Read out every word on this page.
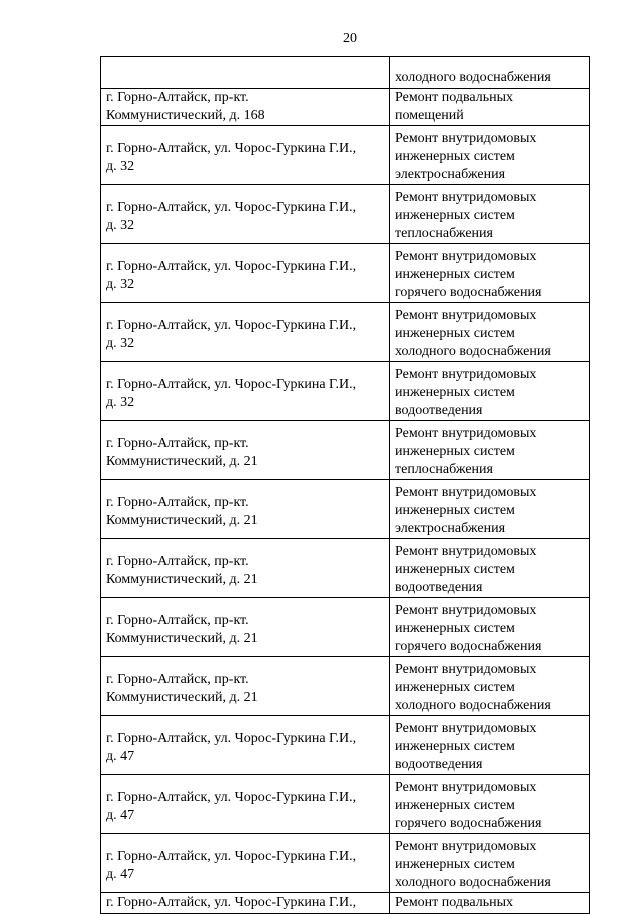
20
	холодного водоснабжения
г. Горно-Алтайск, пр-кт.
Коммунистический, д. 168	Ремонт подвальных
помещений
г. Горно-Алтайск, ул. Чорос-Гуркина Г.И.,
д. 32	Ремонт внутридомовых
инженерных систем
электроснабжения
г. Горно-Алтайск, ул. Чорос-Гуркина Г.И.,
д. 32	Ремонт внутридомовых
инженерных систем
теплоснабжения
г. Горно-Алтайск, ул. Чорос-Гуркина Г.И.,
д. 32	Ремонт внутридомовых
инженерных систем
горячего водоснабжения
г. Горно-Алтайск, ул. Чорос-Гуркина Г.И.,
д. 32	Ремонт внутридомовых
инженерных систем
холодного водоснабжения
г. Горно-Алтайск, ул. Чорос-Гуркина Г.И.,
д. 32	Ремонт внутридомовых
инженерных систем
водоотведения
г. Горно-Алтайск, пр-кт.
Коммунистический, д. 21	Ремонт внутридомовых
инженерных систем
теплоснабжения
г. Горно-Алтайск, пр-кт.
Коммунистический, д. 21	Ремонт внутридомовых
инженерных систем
электроснабжения
г. Горно-Алтайск, пр-кт.
Коммунистический, д. 21	Ремонт внутридомовых
инженерных систем
водоотведения
г. Горно-Алтайск, пр-кт.
Коммунистический, д. 21	Ремонт внутридомовых
инженерных систем
горячего водоснабжения
г. Горно-Алтайск, пр-кт.
Коммунистический, д. 21	Ремонт внутридомовых
инженерных систем
холодного водоснабжения
г. Горно-Алтайск, ул. Чорос-Гуркина Г.И.,
д. 47	Ремонт внутридомовых
инженерных систем
водоотведения
г. Горно-Алтайск, ул. Чорос-Гуркина Г.И.,
д. 47	Ремонт внутридомовых
инженерных систем
горячего водоснабжения
г. Горно-Алтайск, ул. Чорос-Гуркина Г.И.,
д. 47	Ремонт внутридомовых
инженерных систем
холодного водоснабжения
г. Горно-Алтайск, ул. Чорос-Гуркина Г.И.,	Ремонт подвальных
